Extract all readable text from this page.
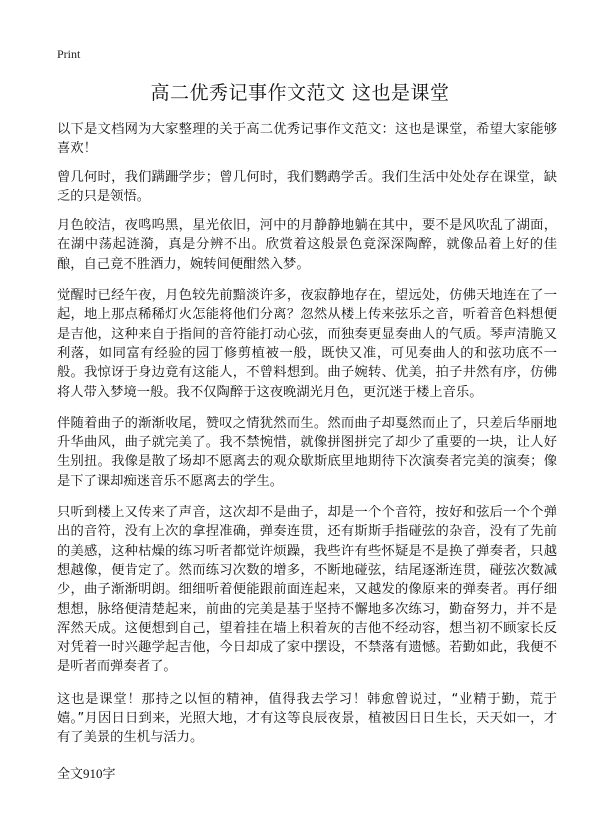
Print
高二优秀记事作文范文 这也是课堂

以下是文档网为大家整理的关于高二优秀记事作文范文：这也是课堂，希望大家能够喜欢！

曾几何时，我们蹒跚学步；曾几何时，我们鹦鹉学舌。我们生活中处处存在课堂，缺乏的只是领悟。

月色皎洁，夜鸣呜黑，星光依旧，河中的月静静地躺在其中，要不是风吹乱了湖面，在湖中荡起涟漪，真是分辨不出。欣赏着这般景色竟深深陶醉，就像品着上好的佳酿，自己竟不胜酒力，婉转间便酣然入梦。

觉醒时已经午夜，月色较先前黯淡许多，夜寂静地存在，望远处，仿佛天地连在了一起，地上那点稀稀灯火怎能将他们分离？忽然从楼上传来弦乐之音，听着音色料想便是吉他，这种来自于指间的音符能打动心弦，而独奏更显奏曲人的气质。琴声清脆又利落，如同富有经验的园丁修剪植被一般，既快又准，可见奏曲人的和弦功底不一般。我惊讶于身边竟有这能人，不曾料想到。曲子婉转、优美，拍子井然有序，仿佛将人带入梦境一般。我不仅陶醉于这夜晚湖光月色，更沉迷于楼上音乐。

伴随着曲子的渐渐收尾，赞叹之情犹然而生。然而曲子却戛然而止了，只差后华丽地升华曲风，曲子就完美了。我不禁惋惜，就像拼图拼完了却少了重要的一块，让人好生别扭。我像是散了场却不愿离去的观众歇斯底里地期待下次演奏者完美的演奏；像是下了课却痴迷音乐不愿离去的学生。

只听到楼上又传来了声音，这次却不是曲子，却是一个个音符，按好和弦后一个个弹出的音符，没有上次的拿捏准确，弹奏连贯，还有斯斯手指碰弦的杂音，没有了先前的美感，这种枯燥的练习听者都觉许烦躁，我些许有些怀疑是不是换了弹奏者，只越想越像，便肯定了。然而练习次数的增多，不断地碰弦，结尾逐渐连贯，碰弦次数减少，曲子渐渐明朗。细细听着便能跟前面连起来，又越发的像原来的弹奏者。再仔细想想，脉络便清楚起来，前曲的完美是基于坚持不懈地多次练习，勤奋努力，并不是浑然天成。这便想到自己，望着挂在墙上积着灰的吉他不经动容，想当初不顾家长反对凭着一时兴趣学起吉他，今日却成了家中摆设，不禁落有遗憾。若勤如此，我便不是听者而弹奏者了。

这也是课堂！那持之以恒的精神，值得我去学习！韩愈曾说过，“业精于勤，荒于嬉。”月因日日到来，光照大地，才有这等良辰夜景，植被因日日生长，天天如一，才有了美景的生机与活力。

全文910字
